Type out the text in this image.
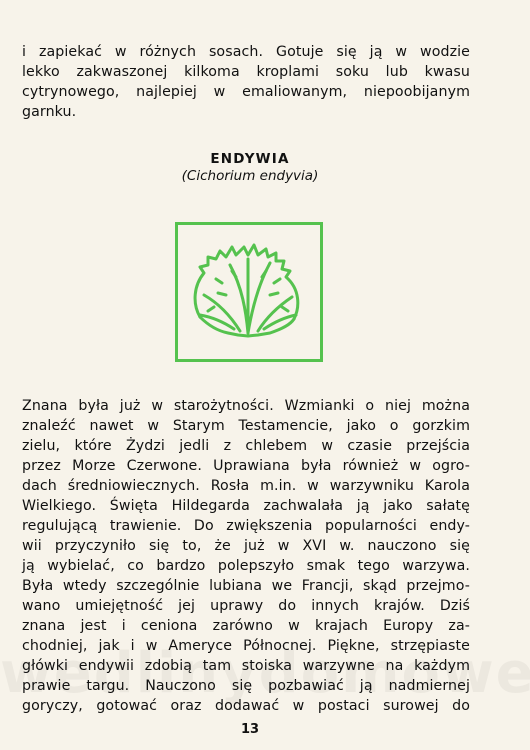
i zapiekać w różnych sosach. Gotuje się ją w wodzie
lekko zakwaszonej kilkoma kroplami soku lub kwasu
cytrynowego, najlepiej w emaliowanym, niepoobijanym
garnku.
ENDYWIA
(Cichorium endyvia)
Znana była już w starożytności. Wzmianki o niej można
znaleźć nawet w Starym Testamencie, jako o gorzkim
zielu, które Żydzi jedli z chlebem w czasie przejścia
przez Morze Czerwone. Uprawiana była również w ogro-
dach średniowiecznych. Rosła m.in. w warzywniku Karola
Wielkiego. Święta Hildegarda zachwalała ją jako sałatę
regulującą trawienie. Do zwiększenia popularności endy-
wii przyczyniło się to, że już w XVI w. nauczono się
ją wybielać, co bardzo polepszyło smak tego warzywa.
Była wtedy szczególnie lubiana we Francji, skąd przejmo-
wano umiejętność jej uprawy do innych krajów. Dziś
znana jest i ceniona zarówno w krajach Europy za-
chodniej, jak i w Ameryce Północnej. Piękne, strzępiaste
główki endywii zdobią tam stoiska warzywne na każdym
prawie targu. Nauczono się pozbawiać ją nadmiernej
goryczy, gotować oraz dodawać w postaci surowej do
13
